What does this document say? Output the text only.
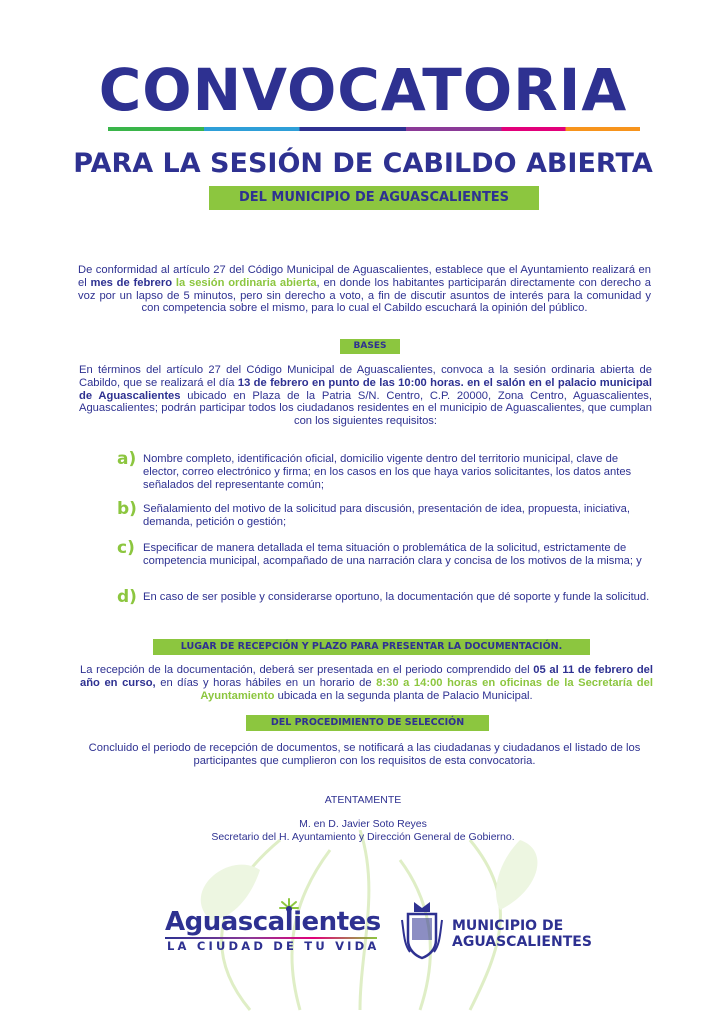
CONVOCATORIA
PARA LA SESIÓN DE CABILDO ABIERTA
DEL MUNICIPIO DE AGUASCALIENTES
De conformidad al artículo 27 del Código Municipal de Aguascalientes, establece que el Ayuntamiento realizará en el mes de febrero la sesión ordinaria abierta, en donde los habitantes participarán directamente con derecho a voz por un lapso de 5 minutos, pero sin derecho a voto, a fin de discutir asuntos de interés para la comunidad y con competencia sobre el mismo, para lo cual el Cabildo escuchará la opinión del público.
BASES
En términos del artículo 27 del Código Municipal de Aguascalientes, convoca a la sesión ordinaria abierta de Cabildo, que se realizará el día 13 de febrero en punto de las 10:00 horas. en el salón en el palacio municipal de Aguascalientes ubicado en Plaza de la Patria S/N. Centro, C.P. 20000, Zona Centro, Aguascalientes, Aguascalientes; podrán participar todos los ciudadanos residentes en el municipio de Aguascalientes, que cumplan con los siguientes requisitos:
a) Nombre completo, identificación oficial, domicilio vigente dentro del territorio municipal, clave de elector, correo electrónico y firma; en los casos en los que haya varios solicitantes, los datos antes señalados del representante común;
b) Señalamiento del motivo de la solicitud para discusión, presentación de idea, propuesta, iniciativa, demanda, petición o gestión;
c) Especificar de manera detallada el tema situación o problemática de la solicitud, estrictamente de competencia municipal, acompañado de una narración clara y concisa de los motivos de la misma; y
d) En caso de ser posible y considerarse oportuno, la documentación que dé soporte y funde la solicitud.
LUGAR DE RECEPCIÓN Y PLAZO PARA PRESENTAR LA DOCUMENTACIÓN.
La recepción de la documentación, deberá ser presentada en el periodo comprendido del 05 al 11 de febrero del año en curso, en días y horas hábiles en un horario de 8:30 a 14:00 horas en oficinas de la Secretaría del Ayuntamiento ubicada en la segunda planta de Palacio Municipal.
DEL PROCEDIMIENTO DE SELECCIÓN
Concluido el periodo de recepción de documentos, se notificará a las ciudadanas y ciudadanos el listado de los participantes que cumplieron con los requisitos de esta convocatoria.
ATENTAMENTE
M. en D. Javier Soto Reyes
Secretario del H. Ayuntamiento y Dirección General de Gobierno.
Aguascalientes
LA CIUDAD DE TU VIDA
MUNICIPIO DE
AGUASCALIENTES
